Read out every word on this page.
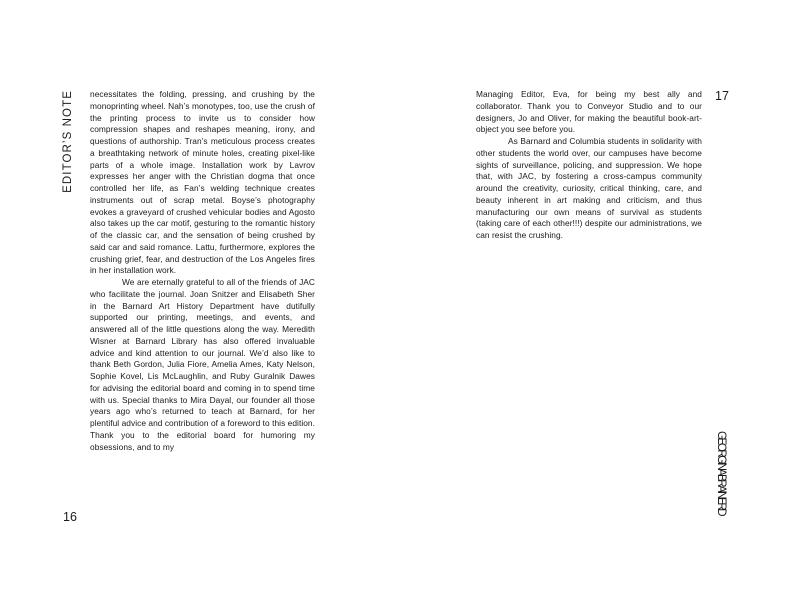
EDITOR’S NOTE necessitates the folding, pressing, and crushing by the monoprinting wheel. Nah’s monotypes, too, use the crush of the printing process to invite us to consider how compression shapes and reshapes meaning, irony, and questions of authorship. Tran’s meticulous process creates a breathtaking network of minute holes, creating pixel-like parts of a whole image. Installation work by Lavrov expresses her anger with the Christian dogma that once controlled her life, as Fan’s welding technique creates instruments out of scrap metal. Boyse’s photography evokes a graveyard of crushed vehicular bodies and Agosto also takes up the car motif, gesturing to the romantic history of the classic car, and the sensation of being crushed by said car and said romance. Lattu, furthermore, explores the crushing grief, fear, and destruction of the Los Angeles fires in her installation work.

We are eternally grateful to all of the friends of JAC who facilitate the journal. Joan Snitzer and Elisabeth Sher in the Barnard Art History Department have dutifully supported our printing, meetings, and events, and answered all of the little questions along the way. Meredith Wisner at Barnard Library has also offered invaluable advice and kind attention to our journal. We’d also like to thank Beth Gordon, Julia Fiore, Amelia Ames, Katy Nelson, Sophie Kovel, Lis McLaughlin, and Ruby Guralnik Dawes for advising the editorial board and coming in to spend time with us. Special thanks to Mira Dayal, our founder all those years ago who’s returned to teach at Barnard, for her plentiful advice and contribution of a foreword to this edition. Thank you to the editorial board for humoring my obsessions, and to my

16

Managing Editor, Eva, for being my best ally and collaborator. Thank you to Conveyor Studio and to our designers, Jo and Oliver, for making the beautiful book-art-object you see before you.

As Barnard and Columbia students in solidarity with other students the world over, our campuses have become sights of surveillance, policing, and suppression. We hope that, with JAC, by fostering a cross-campus community around the creativity, curiosity, critical thinking, care, and beauty inherent in art making and criticism, and thus manufacturing our own means of survival as students (taking care of each other!!!) despite our administrations, we can resist the crushing.

17
GEORGINA BRAINERD
